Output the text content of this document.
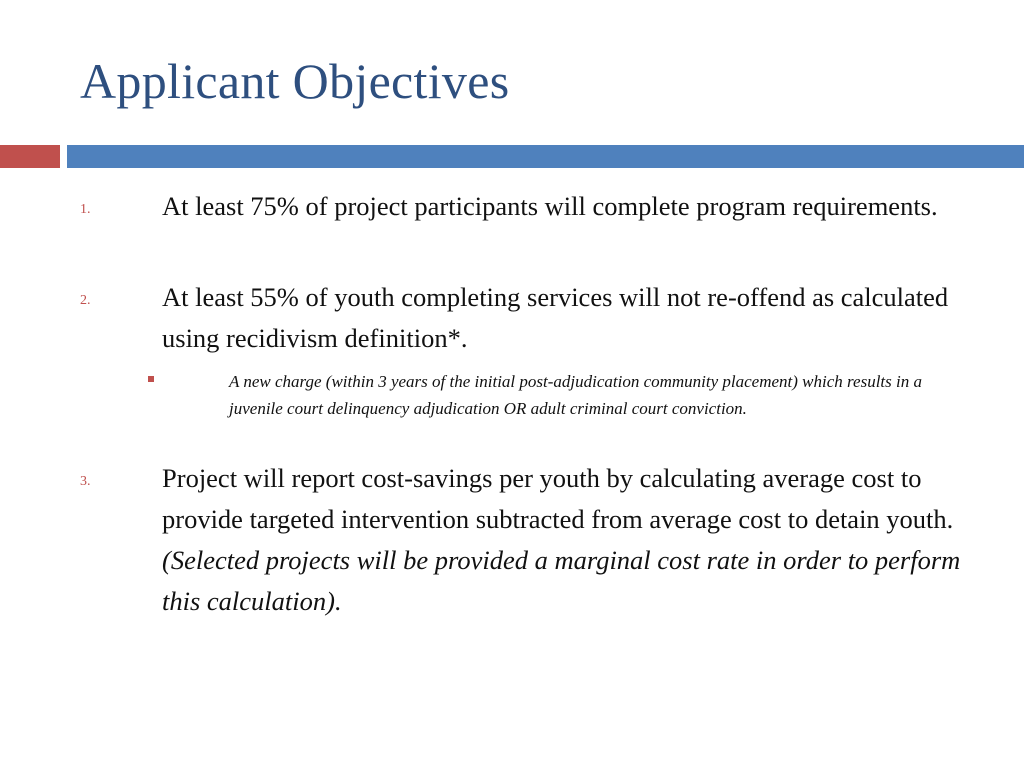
Applicant Objectives
1.	At least 75% of project participants will complete program requirements.
2.	At least 55% of youth completing services will not re-offend as calculated using recidivism definition*.
A new charge (within 3 years of the initial post-adjudication community placement) which results in a juvenile court delinquency adjudication OR adult criminal court conviction.
3.	Project will report cost-savings per youth by calculating average cost to provide targeted intervention subtracted from average cost to detain youth. (Selected projects will be provided a marginal cost rate in order to perform this calculation).
